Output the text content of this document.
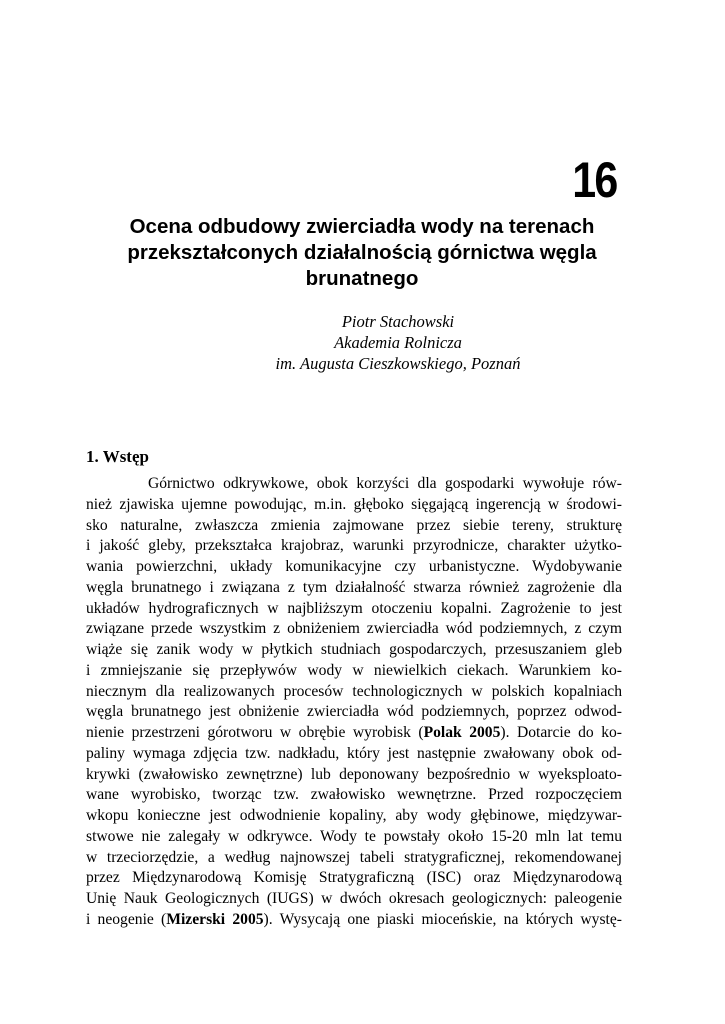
16
Ocena odbudowy zwierciadła wody na terenach
przekształconych działalnością górnictwa węgla
brunatnego
Piotr Stachowski
Akademia Rolnicza
im. Augusta Cieszkowskiego, Poznań
1. Wstęp
Górnictwo odkrywkowe, obok korzyści dla gospodarki wywołuje rów-
nież zjawiska ujemne powodując, m.in. głęboko sięgającą ingerencją w środowi-
sko naturalne, zwłaszcza zmienia zajmowane przez siebie tereny, strukturę
i jakość gleby, przekształca krajobraz, warunki przyrodnicze, charakter użytko-
wania powierzchni, układy komunikacyjne czy urbanistyczne. Wydobywanie
węgla brunatnego i związana z tym działalność stwarza również zagrożenie dla
układów hydrograficznych w najbliższym otoczeniu kopalni. Zagrożenie to jest
związane przede wszystkim z obniżeniem zwierciadła wód podziemnych, z czym
wiąże się zanik wody w płytkich studniach gospodarczych, przesuszaniem gleb
i zmniejszanie się przepływów wody w niewielkich ciekach. Warunkiem ko-
niecznym dla realizowanych procesów technologicznych w polskich kopalniach
węgla brunatnego jest obniżenie zwierciadła wód podziemnych, poprzez odwod-
nienie przestrzeni górotworu w obrębie wyrobisk (Polak 2005). Dotarcie do ko-
paliny wymaga zdjęcia tzw. nadkładu, który jest następnie zwałowany obok od-
krywki (zwałowisko zewnętrzne) lub deponowany bezpośrednio w wyeksploato-
wane wyrobisko, tworząc tzw. zwałowisko wewnętrzne. Przed rozpoczęciem
wkopu konieczne jest odwodnienie kopaliny, aby wody głębinowe, międzywar-
stwowe nie zalegały w odkrywce. Wody te powstały około 15-20 mln lat temu
w trzeciorzędzie, a według najnowszej tabeli stratygraficznej, rekomendowanej
przez Międzynarodową Komisję Stratygraficzną (ISC) oraz Międzynarodową
Unię Nauk Geologicznych (IUGS) w dwóch okresach geologicznych: paleogenie
i neogenie (Mizerski 2005). Wysycają one piaski mioceńskie, na których wystę-
